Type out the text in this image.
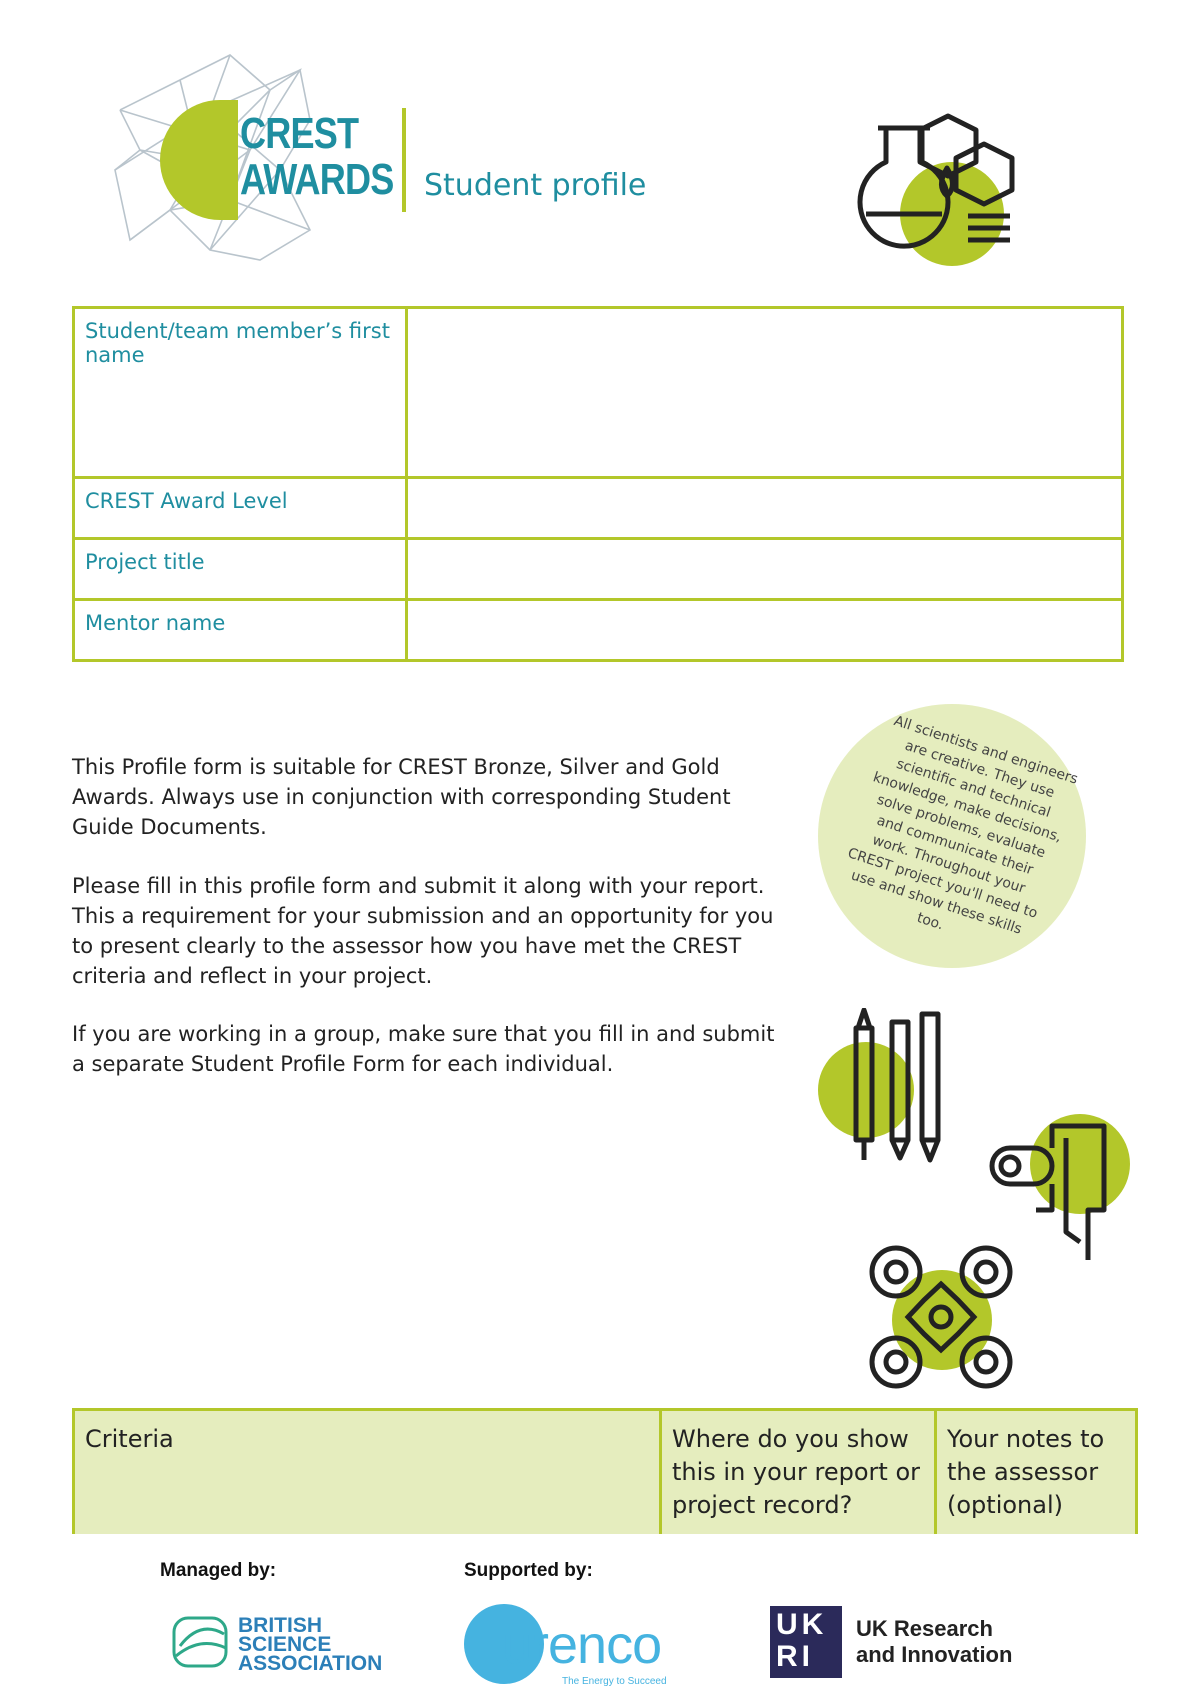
CREST
AWARDS Student profile
Student/team member’s first name	
CREST Award Level	
Project title	
Mentor name	

This Profile form is suitable for CREST Bronze, Silver and Gold Awards. Always use in conjunction with corresponding Student Guide Documents.

Please fill in this profile form and submit it along with your report. This a requirement for your submission and an opportunity for you to present clearly to the assessor how you have met the CREST criteria and reflect in your project.

If you are working in a group, make sure that you fill in and submit a separate Student Profile Form for each individual.

All scientists and engineers are creative. They use scientific and technical knowledge, make decisions, solve problems, evaluate and communicate their work. Throughout your CREST project you'll need to use and show these skills too.
Criteria	Where do you show this in your report or project record?	Your notes to the assessor (optional)
Managed by:	Supported by:
BRITISH
SCIENCE
ASSOCIATION urenco
The Energy to Succeed
UK
RI
UK Research
and Innovation
